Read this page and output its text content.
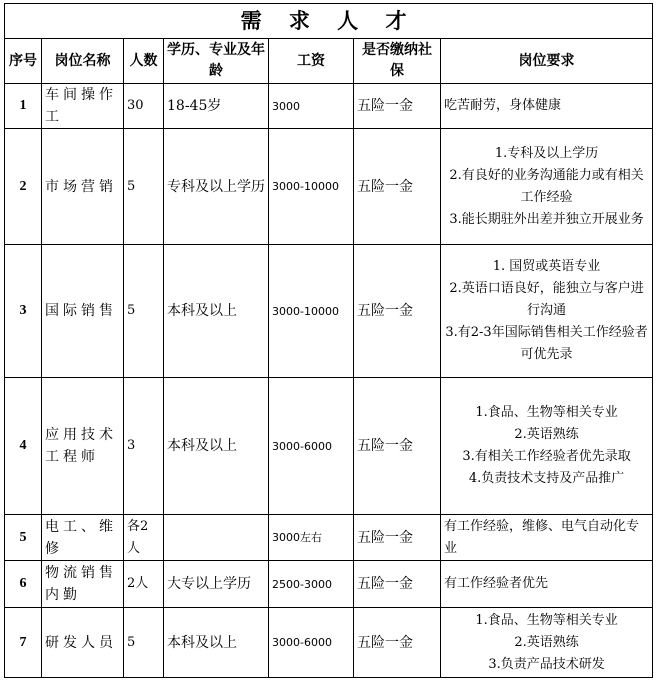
需 求 人 才						
序号	岗位名称	人数	学历、专业及年龄	工资	是否缴纳社保	岗位要求
1	车间操作工	30	18-45岁	3000	五险一金	吃苦耐劳，身体健康

2	市场营销	5	专科及以上学历	3000-10000	五险一金	1.专科及以上学历
2.有良好的业务沟通能力或有相关工作经验
3.能长期驻外出差并独立开展业务

3	国际销售	5	本科及以上	3000-10000	五险一金	1. 国贸或英语专业
2.英语口语良好，能独立与客户进行沟通
3.有2-3年国际销售相关工作经验者可优先录

4	应用技术工程师	3	本科及以上	3000-6000	五险一金	1.食品、生物等相关专业
2.英语熟练
3.有相关工作经验者优先录取
4.负责技术支持及产品推广

5	电工、维修	各2人		3000左右	五险一金	有工作经验，维修、电气自动化专业

6	物流销售内勤	2人	大专以上学历	2500-3000	五险一金	有工作经验者优先

7	研发人员	5	本科及以上	3000-6000	五险一金	1.食品、生物等相关专业
2.英语熟练
3.负责产品技术研发
